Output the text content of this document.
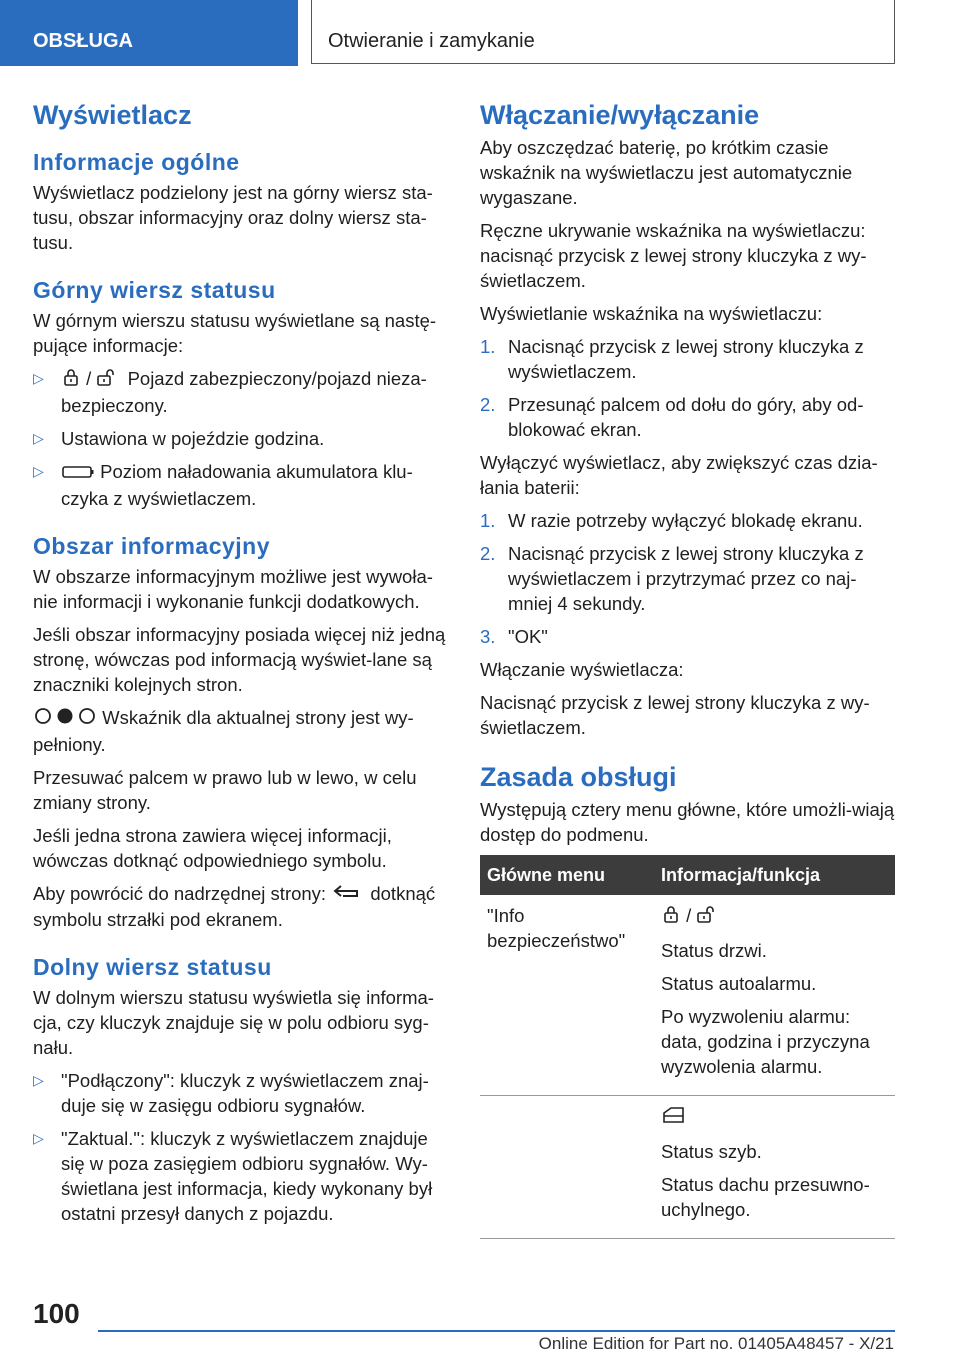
OBSŁUGA	Otwieranie i zamykanie
Wyświetlacz
Informacje ogólne

Wyświetlacz podzielony jest na górny wiersz sta-tusu, obszar informacyjny oraz dolny wiersz sta-tusu.

Górny wiersz statusu

W górnym wierszu statusu wyświetlane są nastę-pujące informacje:

▷ / Pojazd zabezpieczony/pojazd nieza-bezpieczony.
▷ Ustawiona w pojeździe godzina.
▷ Poziom naładowania akumulatora klu-czyka z wyświetlaczem.
Obszar informacyjny

W obszarze informacyjnym możliwe jest wywoła-nie informacji i wykonanie funkcji dodatkowych.

Jeśli obszar informacyjny posiada więcej niż jedną stronę, wówczas pod informacją wyświet-lane są znaczniki kolejnych stron.

Wskaźnik dla aktualnej strony jest wy-pełniony.

Przesuwać palcem w prawo lub w lewo, w celu zmiany strony.

Jeśli jedna strona zawiera więcej informacji, wówczas dotknąć odpowiedniego symbolu.

Aby powrócić do nadrzędnej strony: dotknąć symbolu strzałki pod ekranem.

Dolny wiersz statusu

W dolnym wierszu statusu wyświetla się informa-cja, czy kluczyk znajduje się w polu odbioru syg-nału.

▷ "Podłączony": kluczyk z wyświetlaczem znaj-duje się w zasięgu odbioru sygnałów.
▷ "Zaktual.": kluczyk z wyświetlaczem znajduje się w poza zasięgiem odbioru sygnałów. Wy-świetlana jest informacja, kiedy wykonany był ostatni przesył danych z pojazdu.
Włączanie/wyłączanie

Aby oszczędzać baterię, po krótkim czasie wskaźnik na wyświetlaczu jest automatycznie wygaszane.

Ręczne ukrywanie wskaźnika na wyświetlaczu: nacisnąć przycisk z lewej strony kluczyka z wy-świetlaczem.

Wyświetlanie wskaźnika na wyświetlaczu:

1. Nacisnąć przycisk z lewej strony kluczyka z wyświetlaczem.
2. Przesunąć palcem od dołu do góry, aby od-blokować ekran.

Wyłączyć wyświetlacz, aby zwiększyć czas dzia-łania baterii:

1. W razie potrzeby wyłączyć blokadę ekranu.
2. Nacisnąć przycisk z lewej strony kluczyka z wyświetlaczem i przytrzymać przez co naj-mniej 4 sekundy.
3. "OK"

Włączanie wyświetlacza:

Nacisnąć przycisk z lewej strony kluczyka z wy-świetlaczem.

Zasada obsługi

Występują cztery menu główne, które umożli-wiają dostęp do podmenu.

Główne menu	Informacja/funkcja
"Info bezpieczeństwo"	/

Status drzwi.

Status autoalarmu.

Po wyzwoleniu alarmu: data, godzina i przyczyna wyzwolenia alarmu.

	Status szyb.

Status dachu przesuwno-uchylnego.

100
Online Edition for Part no. 01405A48457 - X/21
